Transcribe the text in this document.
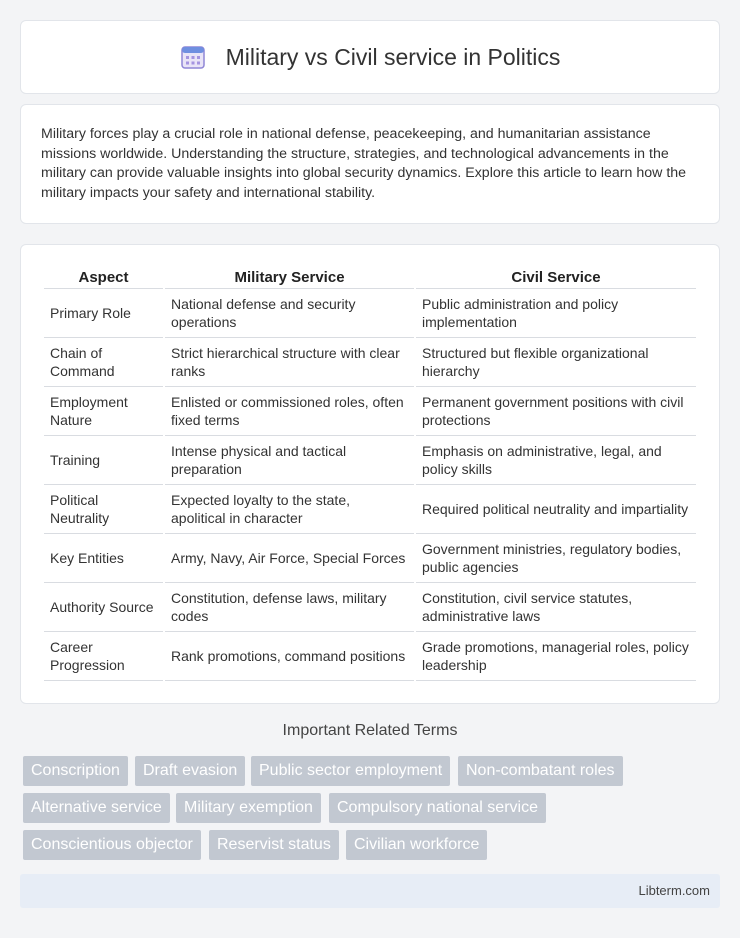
Military vs Civil service in Politics

Military forces play a crucial role in national defense, peacekeeping, and humanitarian assistance missions worldwide. Understanding the structure, strategies, and technological advancements in the military can provide valuable insights into global security dynamics. Explore this article to learn how the military impacts your safety and international stability.

Aspect	Military Service	Civil Service
Primary Role	National defense and security operations	Public administration and policy implementation
Chain of Command	Strict hierarchical structure with clear ranks	Structured but flexible organizational hierarchy
Employment Nature	Enlisted or commissioned roles, often fixed terms	Permanent government positions with civil protections
Training	Intense physical and tactical preparation	Emphasis on administrative, legal, and policy skills
Political Neutrality	Expected loyalty to the state, apolitical in character	Required political neutrality and impartiality
Key Entities	Army, Navy, Air Force, Special Forces	Government ministries, regulatory bodies, public agencies
Authority Source	Constitution, defense laws, military codes	Constitution, civil service statutes, administrative laws
Career Progression	Rank promotions, command positions	Grade promotions, managerial roles, policy leadership
Important Related Terms
Conscription	Draft evasion	Public sector employment	Non-combatant roles
Alternative service	Military exemption	Compulsory national service
Conscientious objector	Reservist status	Civilian workforce
Libterm.com
